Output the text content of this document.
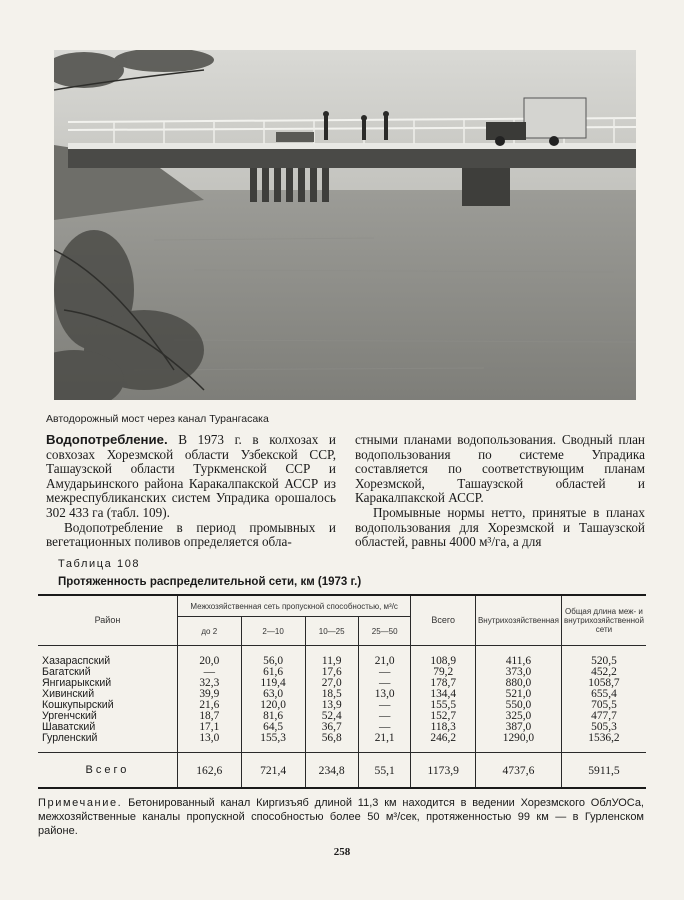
Автодорожный мост через канал Турангасака

Водопотребление. В 1973 г. в колхозах и совхозах Хорезмской области Узбекской ССР, Ташаузской области Туркменской ССР и Амударьинского района Каракалпакской АССР из межреспубликанских систем Упрадика орошалось 302 433 га (табл. 109).

Водопотребление в период промывных и вегетационных поливов определяется обла-

стными планами водопользования. Сводный план водопользования по системе Упрадика составляется по соответствующим планам Хорезмской, Ташаузской областей и Каракалпакской АССР.

Промывные нормы нетто, принятые в планах водопользования для Хорезмской и Ташаузской областей, равны 4000 м³/га, а для

Таблица 108
Протяженность распределительной сети, км (1973 г.)
Район	Межхозяйственная сеть пропускной способностью, м³/с				Всего	Внутрихозяйственная	Общая длина меж- и внутрихозяйственной сети
	до 2	2—10	10—25	25—50			
Хазараспский	20,0	56,0	11,9	21,0	108,9	411,6	520,5
Багатский	—	61,6	17,6	—	79,2	373,0	452,2
Янгиарыкский	32,3	119,4	27,0	—	178,7	880,0	1058,7
Хивинский	39,9	63,0	18,5	13,0	134,4	521,0	655,4
Кошкупырский	21,6	120,0	13,9	—	155,5	550,0	705,5
Ургенчский	18,7	81,6	52,4	—	152,7	325,0	477,7
Шаватский	17,1	64,5	36,7	—	118,3	387,0	505,3
Гурленский	13,0	155,3	56,8	21,1	246,2	1290,0	1536,2
Всего	162,6	721,4	234,8	55,1	1173,9	4737,6	5911,5
Примечание. Бетонированный канал Киргизъяб длиной 11,3 км находится в ведении Хорезмского ОблУОСа, межхозяйственные каналы пропускной способностью более 50 м³/сек, протяженностью 99 км — в Гурленском районе.
258
